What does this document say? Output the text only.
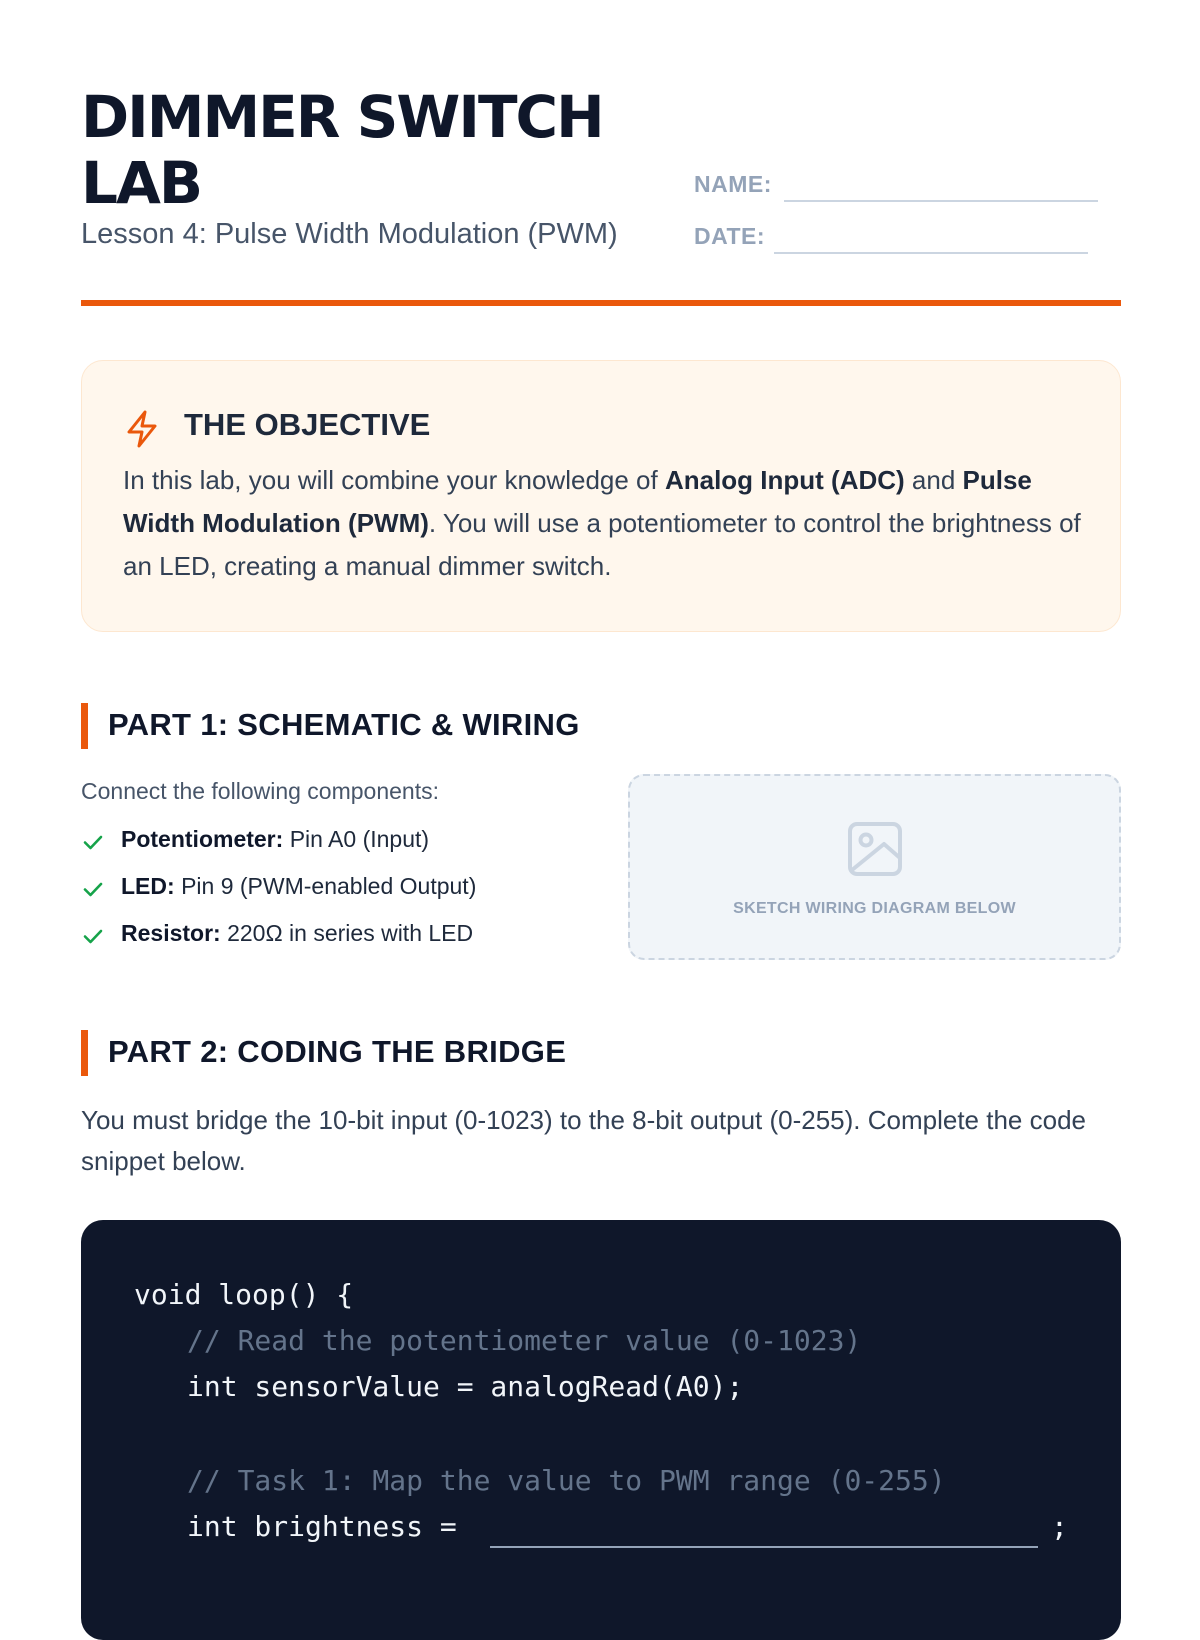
DIMMER SWITCH
LAB
Lesson 4: Pulse Width Modulation (PWM)
NAME:
DATE:
THE OBJECTIVE

In this lab, you will combine your knowledge of Analog Input (ADC) and Pulse Width Modulation (PWM). You will use a potentiometer to control the brightness of an LED, creating a manual dimmer switch.

PART 1: SCHEMATIC & WIRING
Connect the following components:
Potentiometer: Pin A0 (Input)
LED: Pin 9 (PWM-enabled Output)
Resistor: 220Ω in series with LED
SKETCH WIRING DIAGRAM BELOW
PART 2: CODING THE BRIDGE

You must bridge the 10-bit input (0-1023) to the 8-bit output (0-255). Complete the code snippet below.

void loop() {
// Read the potentiometer value (0-1023)
int sensorValue = analogRead(A0);
// Task 1: Map the value to PWM range (0-255)
int brightness =	;
